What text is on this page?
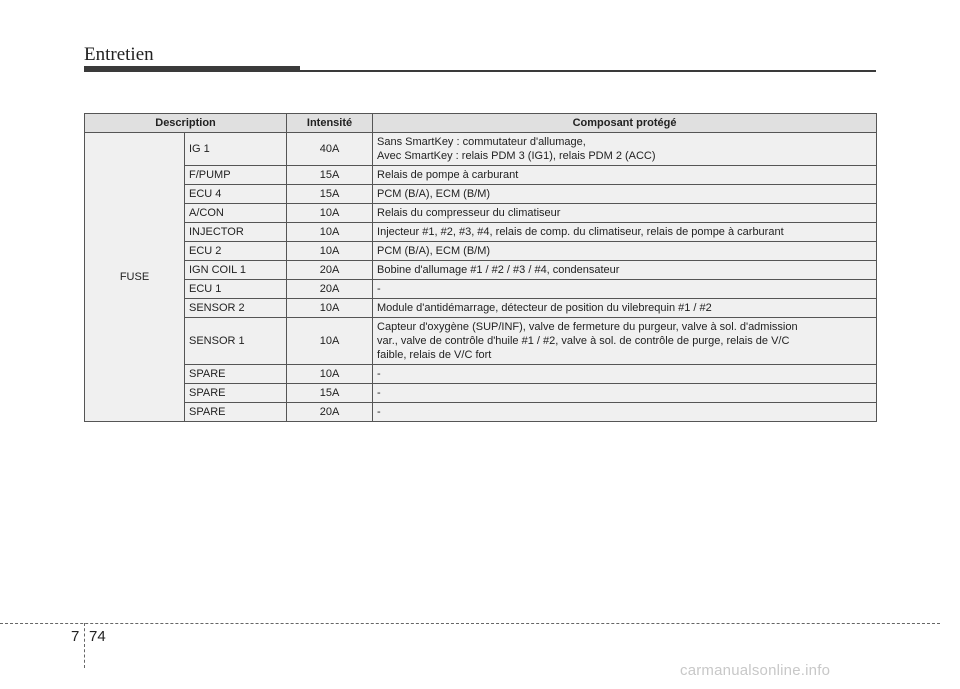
Entretien
Description		Intensité	Composant protégé
FUSE	IG 1	40A	Sans SmartKey : commutateur d'allumage,
Avec SmartKey : relais PDM 3 (IG1), relais PDM 2 (ACC)
	F/PUMP	15A	Relais de pompe à carburant
	ECU 4	15A	PCM (B/A), ECM (B/M)
	A/CON	10A	Relais du compresseur du climatiseur
	INJECTOR	10A	Injecteur #1, #2, #3, #4, relais de comp. du climatiseur, relais de pompe à carburant
	ECU 2	10A	PCM (B/A), ECM (B/M)
	IGN COIL 1	20A	Bobine d'allumage #1 / #2 / #3 / #4, condensateur
	ECU 1	20A	-
	SENSOR 2	10A	Module d'antidémarrage, détecteur de position du vilebrequin #1 / #2
	SENSOR 1	10A	Capteur d'oxygène (SUP/INF), valve de fermeture du purgeur, valve à sol. d'admission
var., valve de contrôle d'huile #1 / #2, valve à sol. de contrôle de purge, relais de V/C
faible, relais de V/C fort
	SPARE	10A	-
	SPARE	15A	-
	SPARE	20A	-
7 74
carmanualsonline.info
